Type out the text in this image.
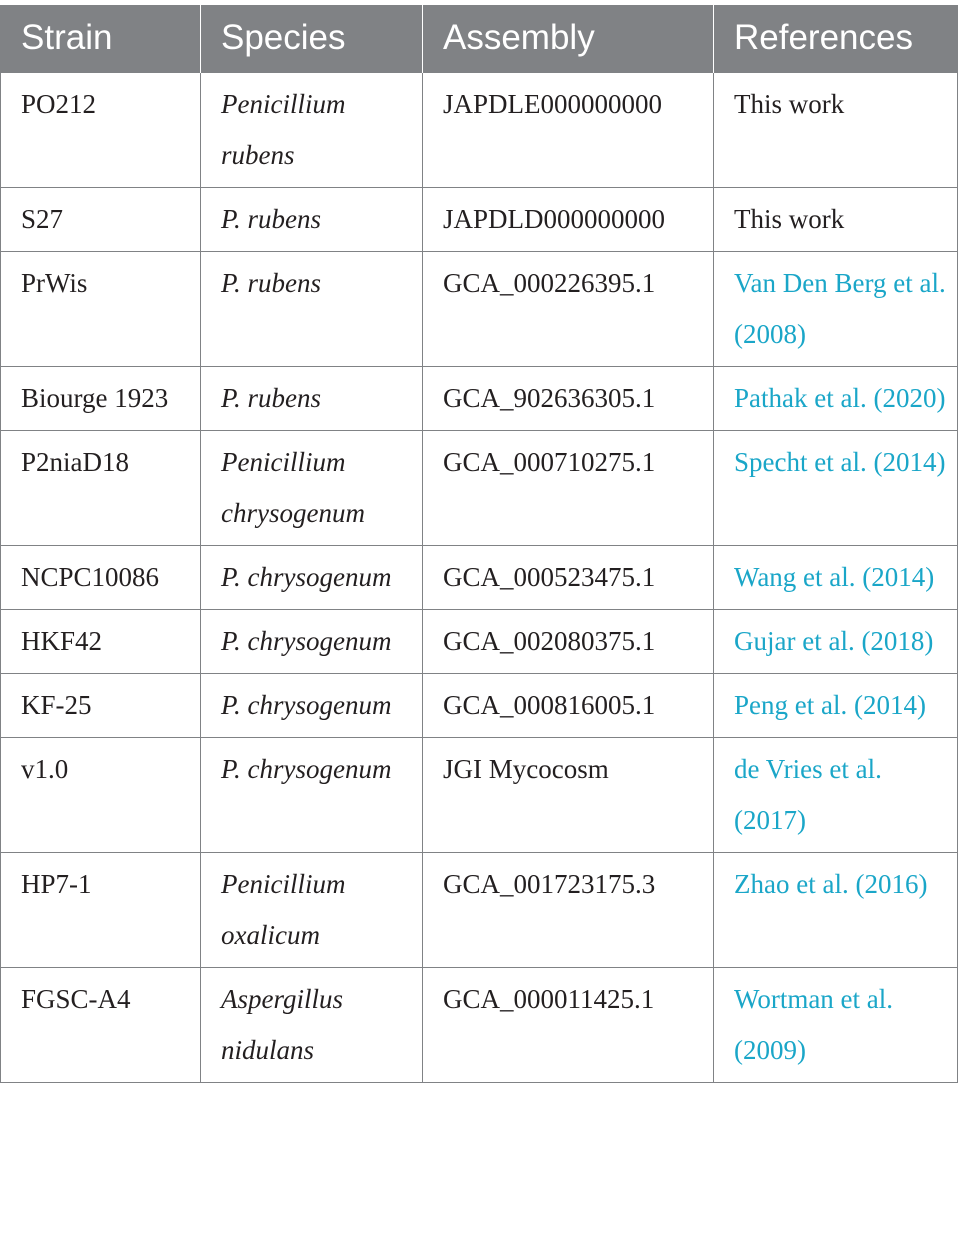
Strain	Species	Assembly	References
PO212	Penicillium rubens	JAPDLE000000000	This work
S27	P. rubens	JAPDLD000000000	This work
PrWis	P. rubens	GCA_000226395.1	Van Den Berg et al. (2008)
Biourge 1923	P. rubens	GCA_902636305.1	Pathak et al. (2020)
P2niaD18	Penicillium chrysogenum	GCA_000710275.1	Specht et al. (2014)
NCPC10086	P. chrysogenum	GCA_000523475.1	Wang et al. (2014)
HKF42	P. chrysogenum	GCA_002080375.1	Gujar et al. (2018)
KF-25	P. chrysogenum	GCA_000816005.1	Peng et al. (2014)
v1.0	P. chrysogenum	JGI Mycocosm	de Vries et al. (2017)
HP7-1	Penicillium oxalicum	GCA_001723175.3	Zhao et al. (2016)
FGSC-A4	Aspergillus nidulans	GCA_000011425.1	Wortman et al. (2009)
